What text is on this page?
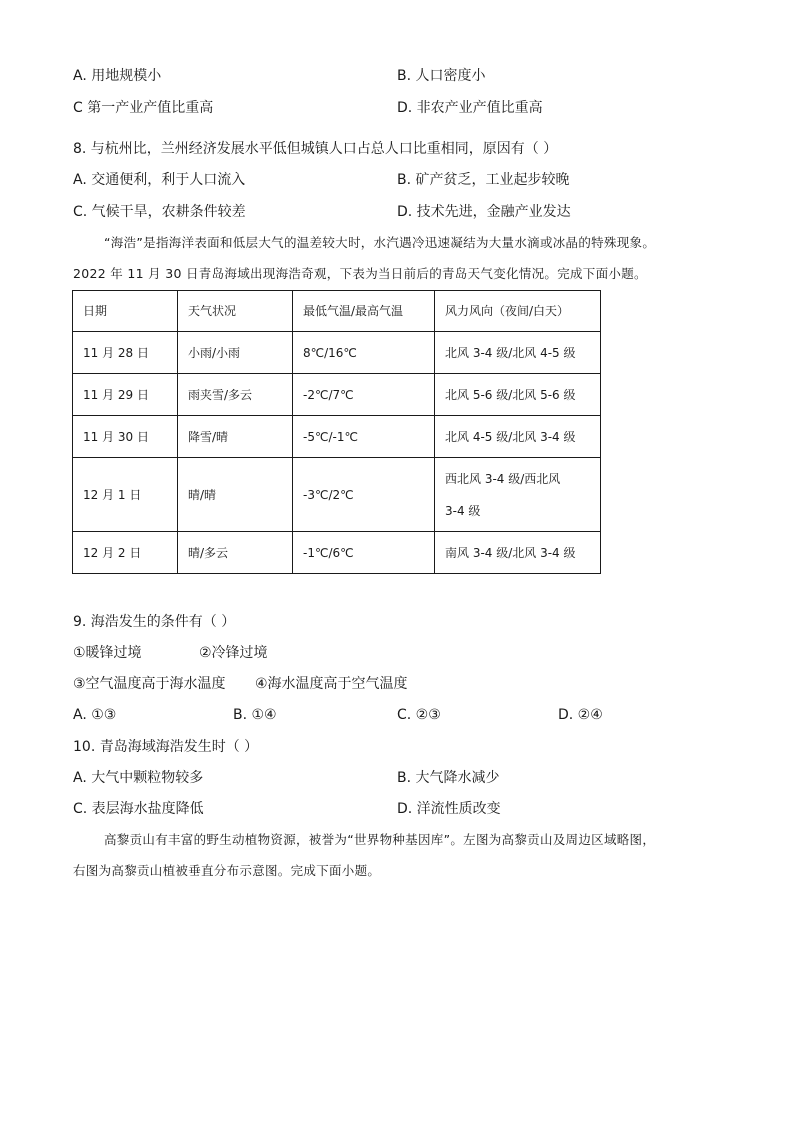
A. 用地规模小	B. 人口密度小
C 第一产业产值比重高	D. 非农产业产值比重高
8. 与杭州比，兰州经济发展水平低但城镇人口占总人口比重相同，原因有（ ）
A. 交通便利，利于人口流入	B. 矿产贫乏，工业起步较晚
C. 气候干旱，农耕条件较差	D. 技术先进，金融产业发达
“海浩”是指海洋表面和低层大气的温差较大时，水汽遇冷迅速凝结为大量水滴或冰晶的特殊现象。
2022 年 11 月 30 日青岛海域出现海浩奇观，下表为当日前后的青岛天气变化情况。完成下面小题。
日期	天气状况	最低气温/最高气温	风力风向（夜间/白天）
11 月 28 日	小雨/小雨	8℃/16℃	北风 3-4 级/北风 4-5 级
11 月 29 日	雨夹雪/多云	-2℃/7℃	北风 5-6 级/北风 5-6 级
11 月 30 日	降雪/晴	-5℃/-1℃	北风 4-5 级/北风 3-4 级
12 月 1 日	晴/晴	-3℃/2℃	西北风 3-4 级/西北风
3-4 级

12 月 2 日	晴/多云	-1℃/6℃	南风 3-4 级/北风 3-4 级
9. 海浩发生的条件有（ ）
①暖锋过境	②冷锋过境
③空气温度高于海水温度 ④海水温度高于空气温度
A. ①③	B. ①④	C. ②③	D. ②④
10. 青岛海域海浩发生时（ ）
A. 大气中颗粒物较多	B. 大气降水减少
C. 表层海水盐度降低	D. 洋流性质改变
高黎贡山有丰富的野生动植物资源，被誉为“世界物种基因库”。左图为高黎贡山及周边区域略图，
右图为高黎贡山植被垂直分布示意图。完成下面小题。
